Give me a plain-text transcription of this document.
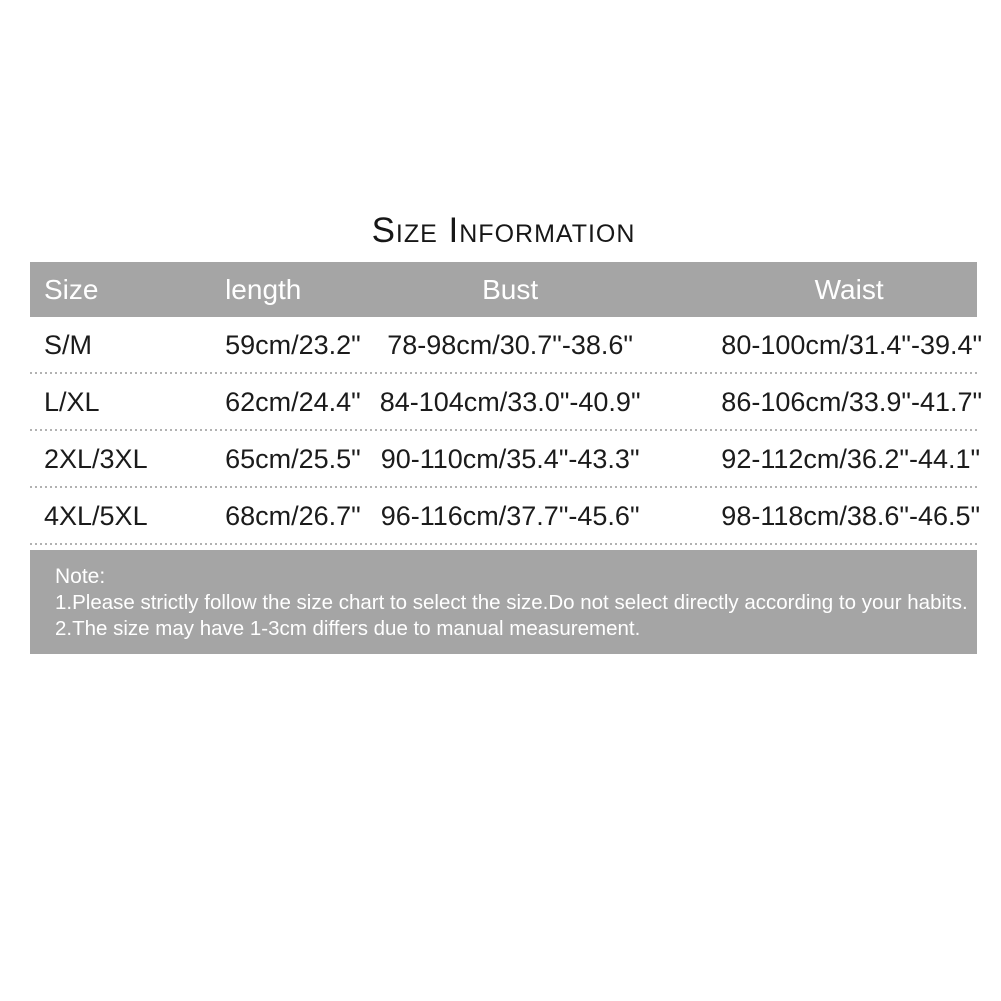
Size Information
Size	length	Bust	Waist
S/M	59cm/23.2" 78-98cm/30.7"-38.6"	80-100cm/31.4"-39.4"
L/XL	62cm/24.4" 84-104cm/33.0"-40.9"	86-106cm/33.9"-41.7"
2XL/3XL	65cm/25.5" 90-110cm/35.4"-43.3"	92-112cm/36.2"-44.1"
4XL/5XL	68cm/26.7" 96-116cm/37.7"-45.6"	98-118cm/38.6"-46.5"
Note:
1.Please strictly follow the size chart to select the size.Do not select directly according to your habits.
2.The size may have 1-3cm differs due to manual measurement.
